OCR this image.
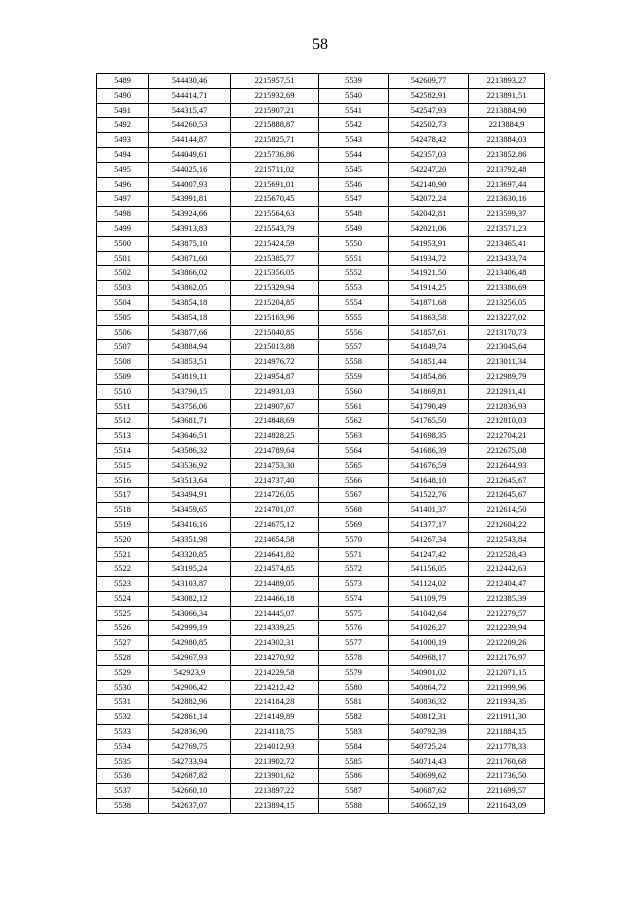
58
5489	544430,46	2215957,51	5539	542609,77	2213893,27
5490	544414,71	2215932,69	5540	542582,91	2213891,51
5491	544315,47	2215907,21	5541	542547,93	2213884,90
5492	544260,53	2215888,87	5542	542502,73	2213884,9
5493	544144,87	2215825,71	5543	542478,42	2213884,03
5494	544049,61	2215736,86	5544	542357,03	2213852,86
5495	544025,16	2215711,02	5545	542247,20	2213792,48
5496	544007,93	2215691,01	5546	542140,90	2213697,44
5497	543991,81	2215670,45	5547	542072,24	2213630,16
5498	543924,66	2215564,63	5548	542042,81	2213599,37
5499	543913,83	2215543,79	5549	542021,06	2213571,23
5500	543875,10	2215424,59	5550	541953,91	2213465,41
5501	543871,60	2215385,77	5551	541934,72	2213433,74
5502	543866,02	2215356,05	5552	541921,50	2213406,48
5503	543862,05	2215329,94	5553	541914,25	2213386,69
5504	543854,18	2215204,85	5554	541871,68	2213256,05
5505	543854,18	2215163,96	5555	541863,58	2213227,02
5506	543877,66	2215040,85	5556	541857,61	2213170,73
5507	543884,94	2215013,88	5557	541849,74	2213045,64
5508	543853,51	2214976,72	5558	541851,44	2213011,34
5509	543819,11	2214954,87	5559	541854,86	2212989,79
5510	543790,15	2214931,03	5560	541869,81	2212911,41
5511	543756,06	2214907,67	5561	541790,49	2212836,93
5512	543681,71	2214848,69	5562	541765,50	2212810,03
5513	543646,51	2214828,25	5563	541698,35	2212704,21
5514	543586,32	2214789,64	5564	541686,39	2212675,08
5515	543536,92	2214753,30	5565	541676,59	2212644,93
5516	543513,64	2214737,40	5566	541648,10	2212645,67
5517	543494,91	2214726,05	5567	541522,76	2212645,67
5518	543459,65	2214701,07	5568	541401,37	2212614,50
5519	543416,16	2214675,12	5569	541377,17	2212604,22
5520	543351,98	2214654,58	5570	541267,34	2212543,84
5521	543320,85	2214641,82	5571	541247,42	2212528,43
5522	543195,24	2214574,85	5572	541156,05	2212442,63
5523	543103,87	2214489,05	5573	541124,02	2212404,47
5524	543082,12	2214466,18	5574	541109,79	2212385,39
5525	543066,34	2214445,07	5575	541042,64	2212279,57
5526	542999,19	2214339,25	5576	541026,27	2212239,94
5527	542980,85	2214302,31	5577	541000,19	2212209,26
5528	542967,93	2214270,92	5578	540968,17	2212176,97
5529	542923,9	2214229,58	5579	540901,02	2212071,15
5530	542906,42	2214212,42	5580	540864,72	2211999,96
5531	542882,96	2214184,28	5581	540836,32	2211934,35
5532	542861,14	2214149,89	5582	540812,31	2211911,30
5533	542836,90	2214118,75	5583	540792,39	2211884,15
5534	542769,75	2214012,93	5584	540725,24	2211778,33
5535	542733,94	2213902,72	5585	540714,43	2211760,68
5536	542687,82	2213901,62	5586	540699,62	2211736,50
5537	542660,10	2213897,22	5587	540687,62	2211699,57
5538	542637,07	2213894,15	5588	540652,19	2211643,09
